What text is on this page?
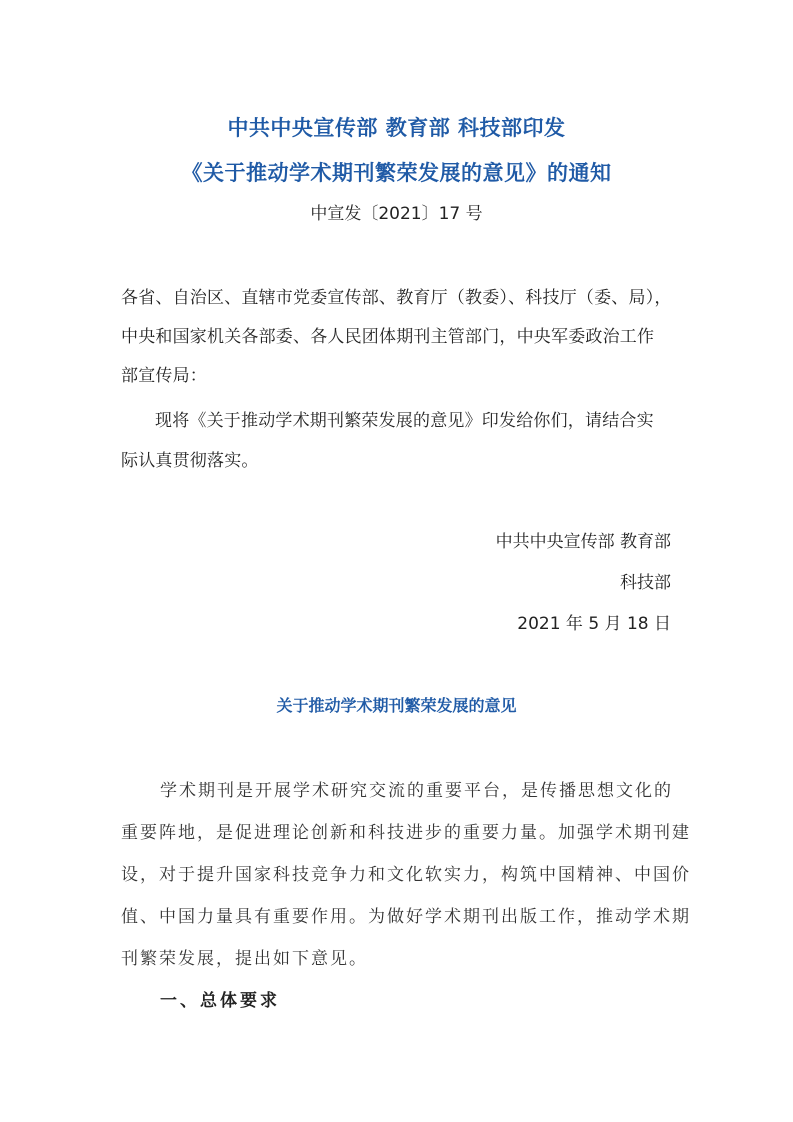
中共中央宣传部 教育部 科技部印发
《关于推动学术期刊繁荣发展的意见》的通知

中宣发〔2021〕17 号

各省、自治区、直辖市党委宣传部、教育厅（教委）、科技厅（委、局），

中央和国家机关各部委、各人民团体期刊主管部门，中央军委政治工作

部宣传局：

现将《关于推动学术期刊繁荣发展的意见》印发给你们，请结合实

际认真贯彻落实。

中共中央宣传部 教育部

科技部

2021 年 5 月 18 日

关于推动学术期刊繁荣发展的意见

学术期刊是开展学术研究交流的重要平台，是传播思想文化的

重要阵地，是促进理论创新和科技进步的重要力量。加强学术期刊建

设，对于提升国家科技竞争力和文化软实力，构筑中国精神、中国价

值、中国力量具有重要作用。为做好学术期刊出版工作，推动学术期

刊繁荣发展，提出如下意见。

一、总体要求
